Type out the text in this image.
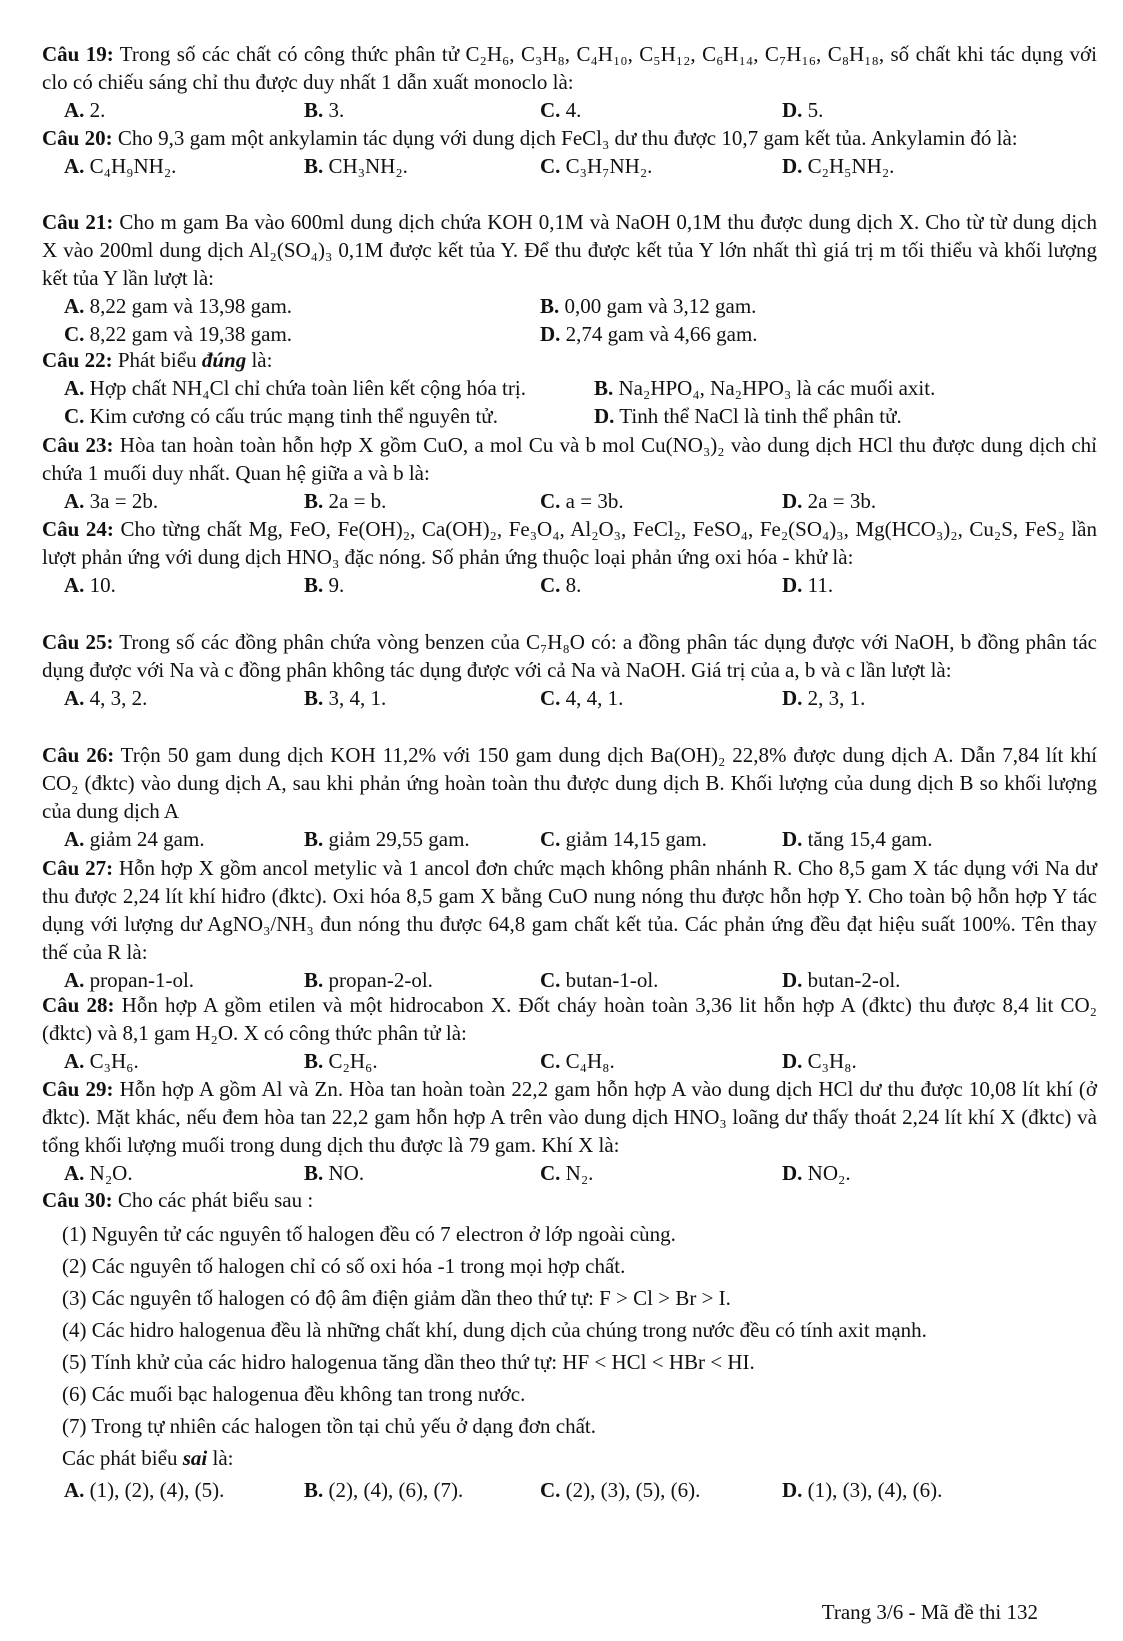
Câu 19: Trong số các chất có công thức phân tử C₂H₆, C₃H₈, C₄H₁₀, C₅H₁₂, C₆H₁₄, C₇H₁₆, C₈H₁₈, số chất khi tác dụng với clo có chiếu sáng chỉ thu được duy nhất 1 dẫn xuất monoclo là:

A. 2.	B. 3.	C. 4.	D. 5.

Câu 20: Cho 9,3 gam một ankylamin tác dụng với dung dịch FeCl₃ dư thu được 10,7 gam kết tủa. Ankylamin đó là:

A. C₄H₉NH₂.	B. CH₃NH₂.	C. C₃H₇NH₂.	D. C₂H₅NH₂.

Câu 21: Cho m gam Ba vào 600ml dung dịch chứa KOH 0,1M và NaOH 0,1M thu được dung dịch X. Cho từ từ dung dịch X vào 200ml dung dịch Al₂(SO₄)₃ 0,1M được kết tủa Y. Để thu được kết tủa Y lớn nhất thì giá trị m tối thiểu và khối lượng kết tủa Y lần lượt là:

A. 8,22 gam và 13,98 gam.	B. 0,00 gam và 3,12 gam.
C. 8,22 gam và 19,38 gam.	D. 2,74 gam và 4,66 gam.

Câu 22: Phát biểu đúng là:

A. Hợp chất NH₄Cl chỉ chứa toàn liên kết cộng hóa trị.	B. Na₂HPO₄, Na₂HPO₃ là các muối axit.
C. Kim cương có cấu trúc mạng tinh thể nguyên tử.	D. Tinh thể NaCl là tinh thể phân tử.

Câu 23: Hòa tan hoàn toàn hỗn hợp X gồm CuO, a mol Cu và b mol Cu(NO₃)₂ vào dung dịch HCl thu được dung dịch chỉ chứa 1 muối duy nhất. Quan hệ giữa a và b là:

A. 3a = 2b.	B. 2a = b.	C. a = 3b.	D. 2a = 3b.

Câu 24: Cho từng chất Mg, FeO, Fe(OH)₂, Ca(OH)₂, Fe₃O₄, Al₂O₃, FeCl₂, FeSO₄, Fe₂(SO₄)₃, Mg(HCO₃)₂, Cu₂S, FeS₂ lần lượt phản ứng với dung dịch HNO₃ đặc nóng. Số phản ứng thuộc loại phản ứng oxi hóa - khử là:

A. 10.	B. 9.	C. 8.	D. 11.

Câu 25: Trong số các đồng phân chứa vòng benzen của C₇H₈O có: a đồng phân tác dụng được với NaOH, b đồng phân tác dụng được với Na và c đồng phân không tác dụng được với cả Na và NaOH. Giá trị của a, b và c lần lượt là:

A. 4, 3, 2.	B. 3, 4, 1.	C. 4, 4, 1.	D. 2, 3, 1.

Câu 26: Trộn 50 gam dung dịch KOH 11,2% với 150 gam dung dịch Ba(OH)₂ 22,8% được dung dịch A. Dẫn 7,84 lít khí CO₂ (đktc) vào dung dịch A, sau khi phản ứng hoàn toàn thu được dung dịch B. Khối lượng của dung dịch B so khối lượng của dung dịch A

A. giảm 24 gam.	B. giảm 29,55 gam.	C. giảm 14,15 gam.	D. tăng 15,4 gam.

Câu 27: Hỗn hợp X gồm ancol metylic và 1 ancol đơn chức mạch không phân nhánh R. Cho 8,5 gam X tác dụng với Na dư thu được 2,24 lít khí hiđro (đktc). Oxi hóa 8,5 gam X bằng CuO nung nóng thu được hỗn hợp Y. Cho toàn bộ hỗn hợp Y tác dụng với lượng dư AgNO₃/NH₃ đun nóng thu được 64,8 gam chất kết tủa. Các phản ứng đều đạt hiệu suất 100%. Tên thay thế của R là:

A. propan-1-ol.	B. propan-2-ol.	C. butan-1-ol.	D. butan-2-ol.

Câu 28: Hỗn hợp A gồm etilen và một hidrocabon X. Đốt cháy hoàn toàn 3,36 lit hỗn hợp A (đktc) thu được 8,4 lit CO₂ (đktc) và 8,1 gam H₂O. X có công thức phân tử là:

A. C₃H₆.	B. C₂H₆.	C. C₄H₈.	D. C₃H₈.

Câu 29: Hỗn hợp A gồm Al và Zn. Hòa tan hoàn toàn 22,2 gam hỗn hợp A vào dung dịch HCl dư thu được 10,08 lít khí (ở đktc). Mặt khác, nếu đem hòa tan 22,2 gam hỗn hợp A trên vào dung dịch HNO₃ loãng dư thấy thoát 2,24 lít khí X (đktc) và tổng khối lượng muối trong dung dịch thu được là 79 gam. Khí X là:

A. N₂O.	B. NO.	C. N₂.	D. NO₂.

Câu 30: Cho các phát biểu sau :

(1) Nguyên tử các nguyên tố halogen đều có 7 electron ở lớp ngoài cùng.

(2) Các nguyên tố halogen chỉ có số oxi hóa -1 trong mọi hợp chất.

(3) Các nguyên tố halogen có độ âm điện giảm dần theo thứ tự: F > Cl > Br > I.

(4) Các hidro halogenua đều là những chất khí, dung dịch của chúng trong nước đều có tính axit mạnh.

(5) Tính khử của các hidro halogenua tăng dần theo thứ tự: HF < HCl < HBr < HI.

(6) Các muối bạc halogenua đều không tan trong nước.

(7) Trong tự nhiên các halogen tồn tại chủ yếu ở dạng đơn chất.

Các phát biểu sai là:

A. (1), (2), (4), (5).	B. (2), (4), (6), (7).	C. (2), (3), (5), (6).	D. (1), (3), (4), (6).
Trang 3/6 - Mã đề thi 132
